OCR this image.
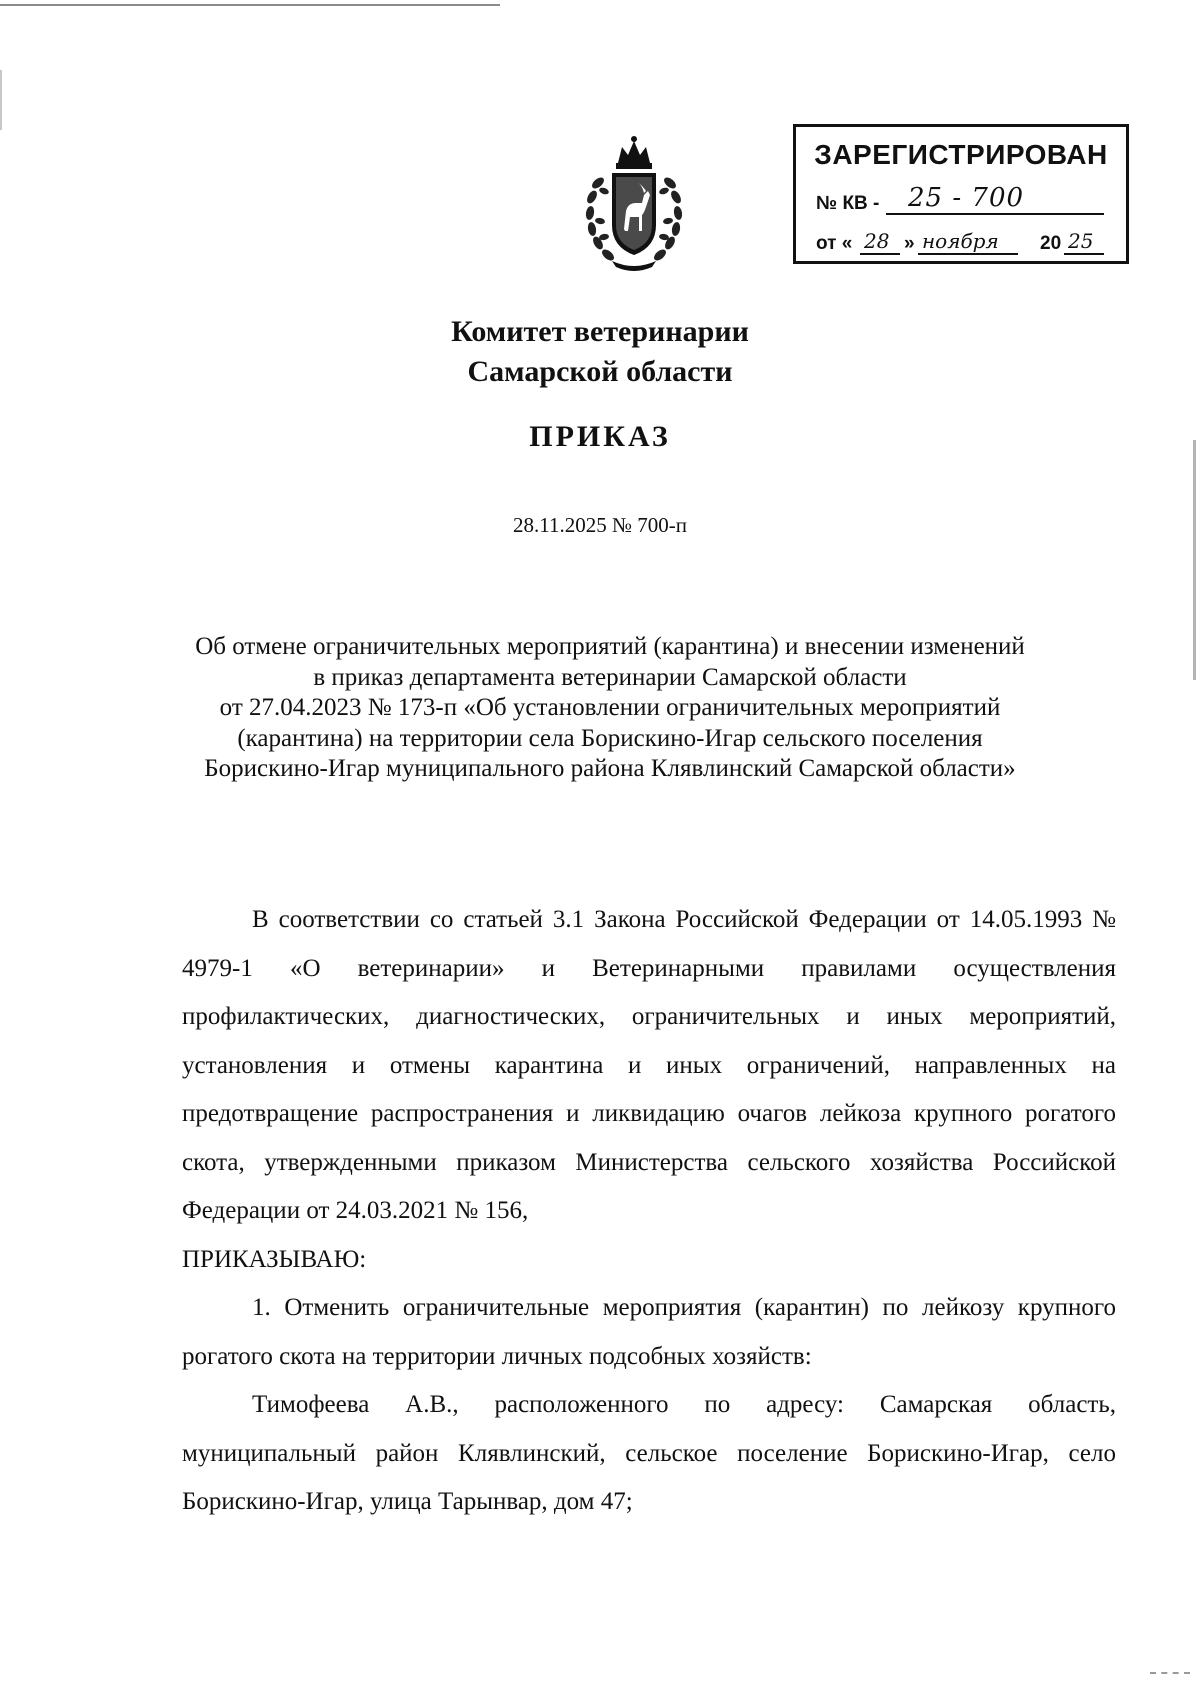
ЗАРЕГИСТРИРОВАН
№ КВ - 25 - 700
от « 28 » ноября 20 25
Комитет ветеринарии
Самарской области
ПРИКАЗ
28.11.2025 № 700-п
Об отмене ограничительных мероприятий (карантина) и внесении изменений
в приказ департамента ветеринарии Самарской области
от 27.04.2023 № 173-п «Об установлении ограничительных мероприятий
(карантина) на территории села Борискино-Игар сельского поселения
Борискино-Игар муниципального района Клявлинский Самарской области»

В соответствии со статьей 3.1 Закона Российской Федерации от 14.05.1993 № 4979-1 «О ветеринарии» и Ветеринарными правилами осуществления профилактических, диагностических, ограничительных и иных мероприятий, установления и отмены карантина и иных ограничений, направленных на предотвращение распространения и ликвидацию очагов лейкоза крупного рогатого скота, утвержденными приказом Министерства сельского хозяйства Российской Федерации от 24.03.2021 № 156,

ПРИКАЗЫВАЮ:

1. Отменить ограничительные мероприятия (карантин) по лейкозу крупного рогатого скота на территории личных подсобных хозяйств:

Тимофеева А.В., расположенного по адресу: Самарская область, муниципальный район Клявлинский, сельское поселение Борискино-Игар, село Борискино-Игар, улица Тарынвар, дом 47;
